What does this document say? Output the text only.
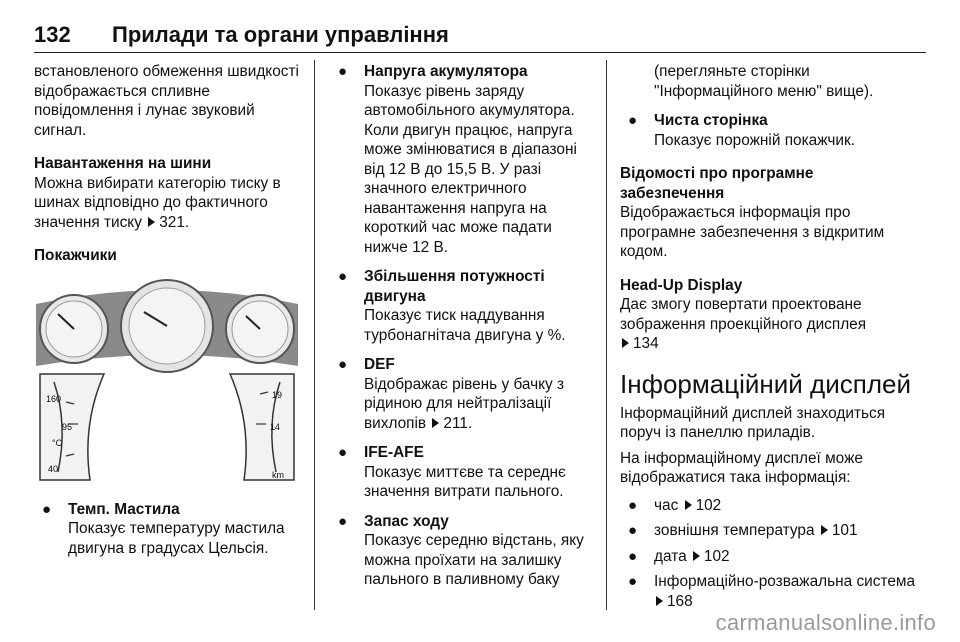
132 Прилади та органи управління

встановленого обмеження швидкості відображається спливне повідомлення і лунає звуковий сигнал.

Навантаження на шини

Можна вибирати категорію тиску в шинах відповідно до фактичного значення тиску 321.

Покажчики

160
95
°C
40
19
14
km
● Темп. Мастила
Показує температуру мастила двигуна в градусах Цельсія.
● Напруга акумулятора
Показує рівень заряду автомобільного акумулятора. Коли двигун працює, напруга може змінюватися в діапазоні від 12 В до 15,5 В. У разі значного електричного навантаження напруга на короткий час може падати нижче 12 В.
● Збільшення потужності двигуна
Показує тиск наддування турбонагнітача двигуна у %.
● DEF
Відображає рівень у бачку з рідиною для нейтралізації вихлопів 211.
● IFE-AFE
Показує миттєве та середнє значення витрати пального.
● Запас ходу
Показує середню відстань, яку можна проїхати на залишку пального в паливному баку
(перегляньте сторінки "Інформаційного меню" вище).
● Чиста сторінка
Показує порожній покажчик.

Відомості про програмне забезпечення

Відображається інформація про програмне забезпечення з відкритим кодом.

Head-Up Display

Дає змогу повертати проектоване зображення проекційного дисплея
134

Інформаційний дисплей

Інформаційний дисплей знаходиться поруч із панеллю приладів.

На інформаційному дисплеї може відображатися така інформація:

● час 102
● зовнішня температура 101
● дата 102
● Інформаційно-розважальна система
168
carmanualsonline.info
